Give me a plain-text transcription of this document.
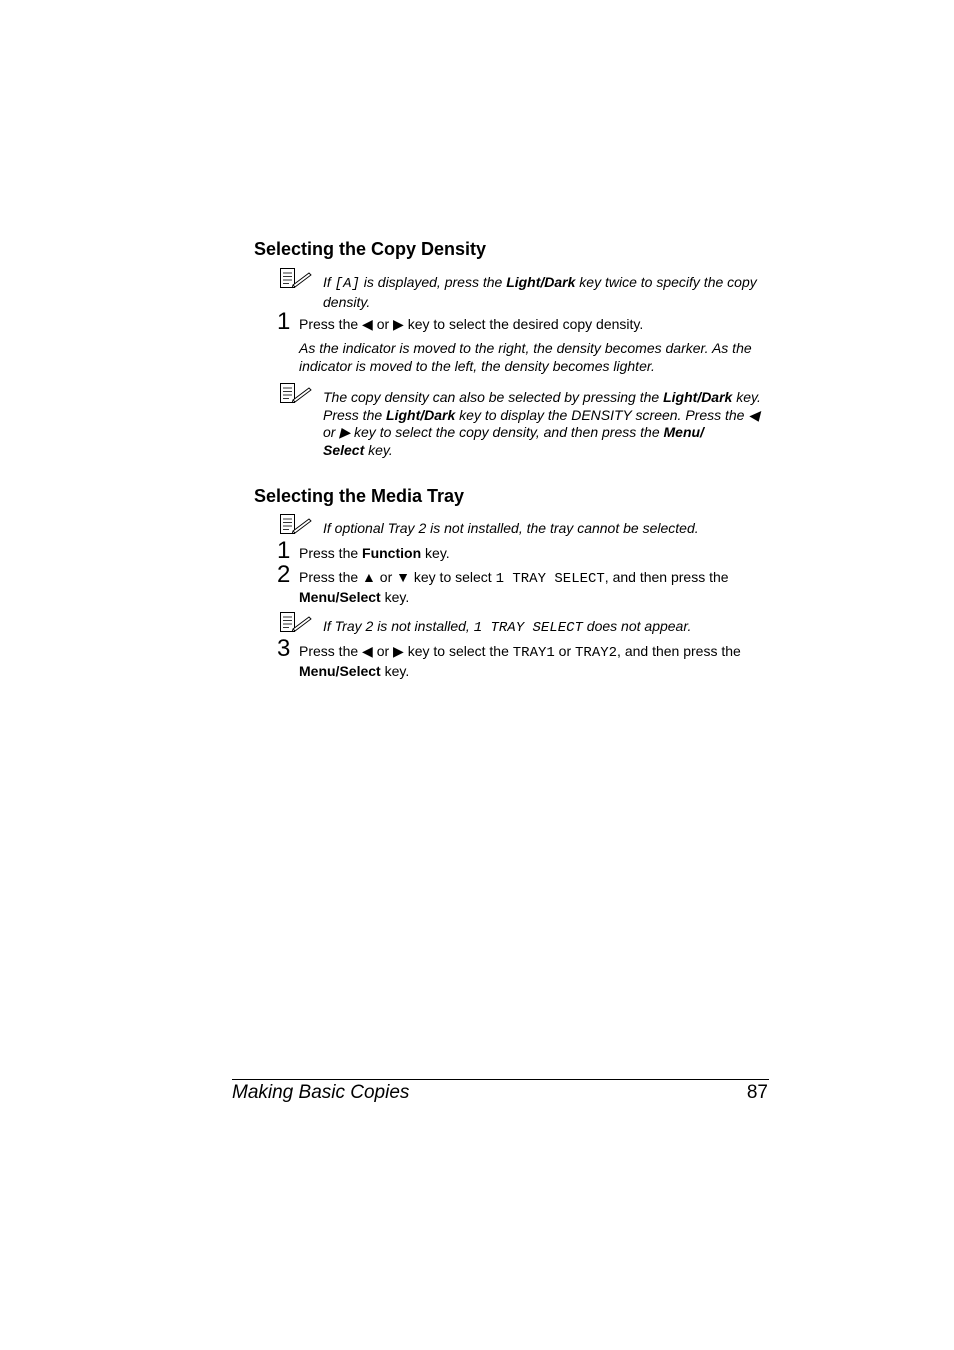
Selecting the Copy Density
If [A] is displayed, press the Light/Dark key twice to specify the copy density.
1 Press the ◀ or ▶ key to select the desired copy density.
As the indicator is moved to the right, the density becomes darker. As the indicator is moved to the left, the density becomes lighter.
The copy density can also be selected by pressing the Light/Dark key. Press the Light/Dark key to display the DENSITY screen. Press the ◀ or ▶ key to select the copy density, and then press the Menu/
Select key.
Selecting the Media Tray
If optional Tray 2 is not installed, the tray cannot be selected.
1 Press the Function key.
2 Press the ▲ or ▼ key to select 1 TRAY SELECT, and then press the
Menu/Select key.
If Tray 2 is not installed, 1 TRAY SELECT does not appear.
3 Press the ◀ or ▶ key to select the TRAY1 or TRAY2, and then press the
Menu/Select key.
Making Basic Copies	87
